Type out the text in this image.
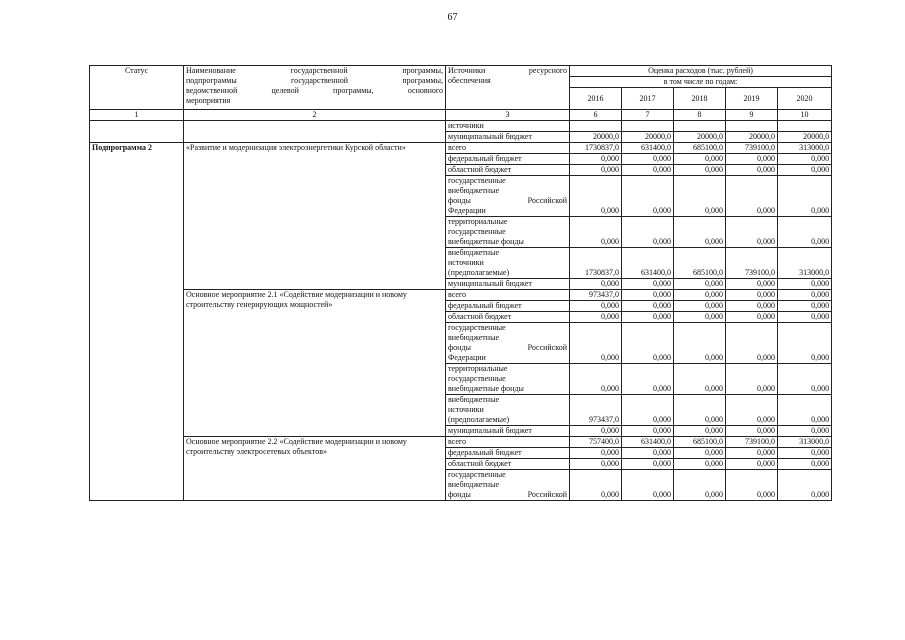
67
Статус	Наименование государственной программы,
подпрограммы государственной программы,
ведомственной целевой программы, основного
мероприятия	Источники ресурсного
обеспечения	Оценка расходов (тыс. рублей)				
			в том числе по годам:				
			2016	2017	2018	2019	2020
1	2	3	6	7	8	9	10

		источники					

		муниципальный бюджет	20000,0	20000,0	20000,0	20000,0	20000,0
Подпрограмма 2	«Развитие и модернизация электроэнергетики Курской области»	всего	1730837,0	631400,0	685100,0	739100,0	313000,0

		федеральный бюджет	0,000	0,000	0,000	0,000	0,000

		областной бюджет	0,000	0,000	0,000	0,000	0,000

		государственные
внебюджетные
фонды Российской
Федерации	0,000	0,000	0,000	0,000	0,000

		территориальные
государственные
внебюджетные фонды	0,000	0,000	0,000	0,000	0,000

		внебюджетные
источники
(предполагаемые)	1730837,0	631400,0	685100,0	739100,0	313000,0

		муниципальный бюджет	0,000	0,000	0,000	0,000	0,000
	Основное мероприятие 2.1 «Содействие модернизации и новому строительству генерирующих мощностей»	всего	973437,0	0,000	0,000	0,000	0,000

		федеральный бюджет	0,000	0,000	0,000	0,000	0,000

		областной бюджет	0,000	0,000	0,000	0,000	0,000

		государственные
внебюджетные
фонды Российской
Федерации	0,000	0,000	0,000	0,000	0,000

		территориальные
государственные
внебюджетные фонды	0,000	0,000	0,000	0,000	0,000

		внебюджетные
источники
(предполагаемые)	973437,0	0,000	0,000	0,000	0,000

		муниципальный бюджет	0,000	0,000	0,000	0,000	0,000
	Основное мероприятие 2.2 «Содействие модернизации и новому строительству электросетевых объектов»	всего	757400,0	631400,0	685100,0	739100,0	313000,0

		федеральный бюджет	0,000	0,000	0,000	0,000	0,000

		областной бюджет	0,000	0,000	0,000	0,000	0,000

		государственные
внебюджетные
фонды Российской	0,000	0,000	0,000	0,000	0,000
